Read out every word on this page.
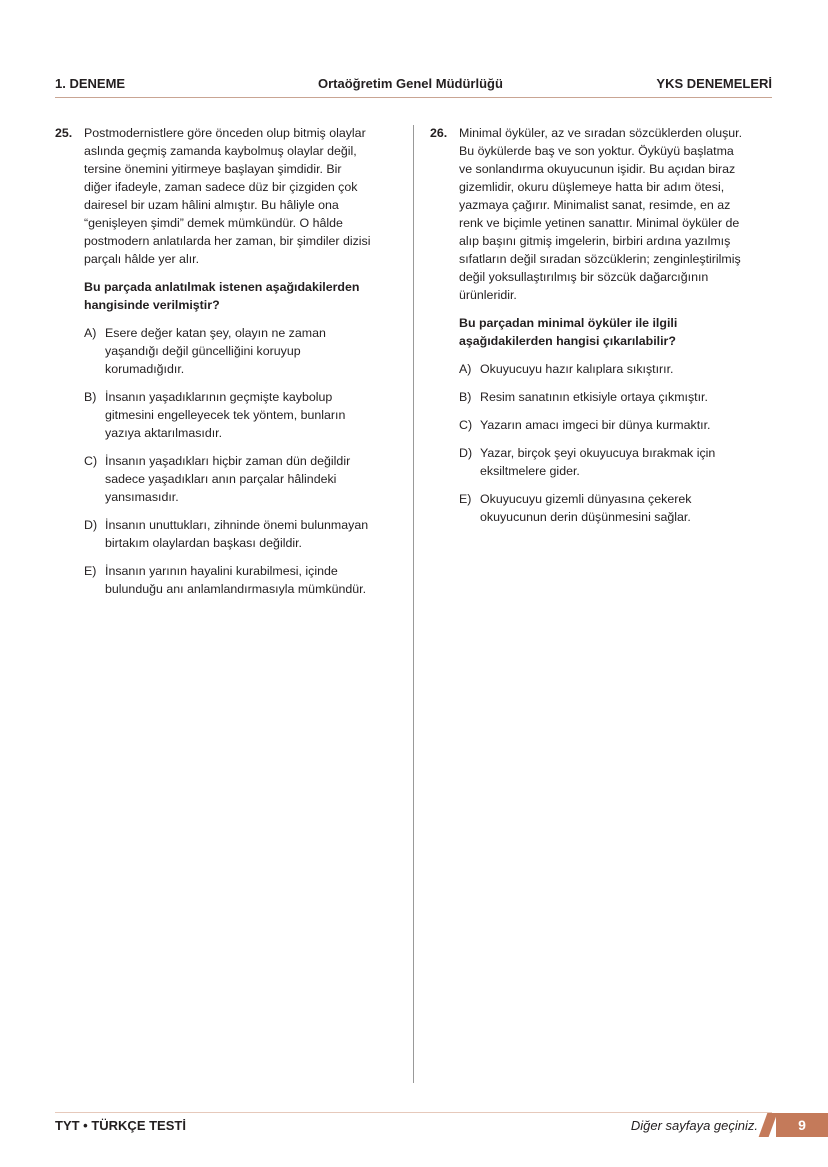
1. DENEME	Ortaöğretim Genel Müdürlüğü	YKS DENEMELERİ
25. Postmodernistlere göre önceden olup bitmiş olaylar
aslında geçmiş zamanda kaybolmuş olaylar değil,
tersine önemini yitirmeye başlayan şimdidir. Bir
diğer ifadeyle, zaman sadece düz bir çizgiden çok
dairesel bir uzam hâlini almıştır. Bu hâliyle ona
“genişleyen şimdi” demek mümkündür. O hâlde
postmodern anlatılarda her zaman, bir şimdiler dizisi
parçalı hâlde yer alır.
Bu parçada anlatılmak istenen aşağıdakilerden
hangisinde verilmiştir?
A) Esere değer katan şey, olayın ne zaman
yaşandığı değil güncelliğini koruyup
korumadığıdır.
B) İnsanın yaşadıklarının geçmişte kaybolup
gitmesini engelleyecek tek yöntem, bunların
yazıya aktarılmasıdır.
C) İnsanın yaşadıkları hiçbir zaman dün değildir
sadece yaşadıkları anın parçalar hâlindeki
yansımasıdır.
D) İnsanın unuttukları, zihninde önemi bulunmayan
birtakım olaylardan başkası değildir.
E) İnsanın yarının hayalini kurabilmesi, içinde
bulunduğu anı anlamlandırmasıyla mümkündür.
26. Minimal öyküler, az ve sıradan sözcüklerden oluşur.
Bu öykülerde baş ve son yoktur. Öyküyü başlatma
ve sonlandırma okuyucunun işidir. Bu açıdan biraz
gizemlidir, okuru düşlemeye hatta bir adım ötesi,
yazmaya çağırır. Minimalist sanat, resimde, en az
renk ve biçimle yetinen sanattır. Minimal öyküler de
alıp başını gitmiş imgelerin, birbiri ardına yazılmış
sıfatların değil sıradan sözcüklerin; zenginleştirilmiş
değil yoksullaştırılmış bir sözcük dağarcığının
ürünleridir.
Bu parçadan minimal öyküler ile ilgili
aşağıdakilerden hangisi çıkarılabilir?
A) Okuyucuyu hazır kalıplara sıkıştırır.
B) Resim sanatının etkisiyle ortaya çıkmıştır.
C) Yazarın amacı imgeci bir dünya kurmaktır.
D) Yazar, birçok şeyi okuyucuya bırakmak için
eksiltmelere gider.
E) Okuyucuyu gizemli dünyasına çekerek
okuyucunun derin düşünmesini sağlar.
TYT • TÜRKÇE TESTİ	Diğer sayfaya geçiniz.	9
